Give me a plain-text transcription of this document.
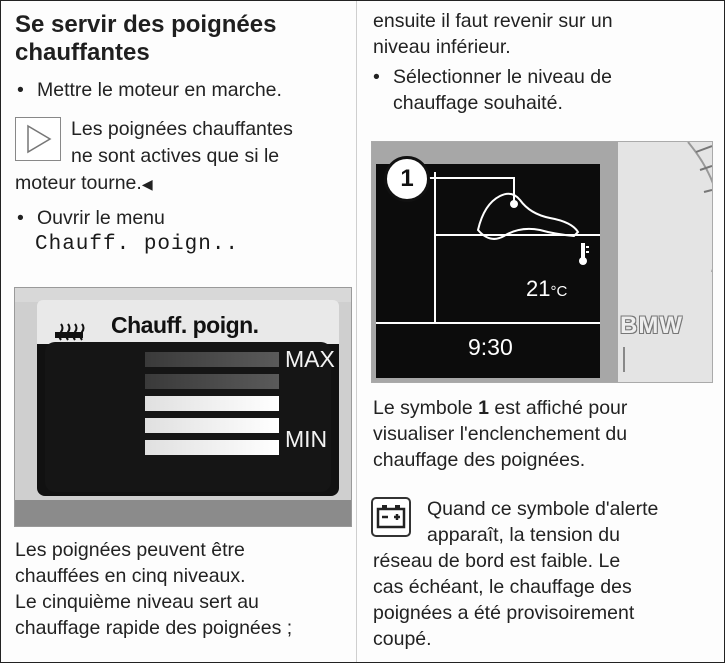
Se servir des poignées
chauffantes
• Mettre le moteur en marche.
Les poignées chauffantes
ne sont actives que si le
moteur tourne.◀
• Ouvrir le menu
Chauff. poign..
Chauff. poign.
MAX
MIN
Les poignées peuvent être
chauffées en cinq niveaux.
Le cinquième niveau sert au
chauffage rapide des poignées ;
ensuite il faut revenir sur un
niveau inférieur.
• Sélectionner le niveau de
chauffage souhaité.
21°C
9:30
BMW
1
Le symbole 1 est affiché pour
visualiser l'enclenchement du
chauffage des poignées.
Quand ce symbole d'alerte
apparaît, la tension du
réseau de bord est faible. Le
cas échéant, le chauffage des
poignées a été provisoirement
coupé.
